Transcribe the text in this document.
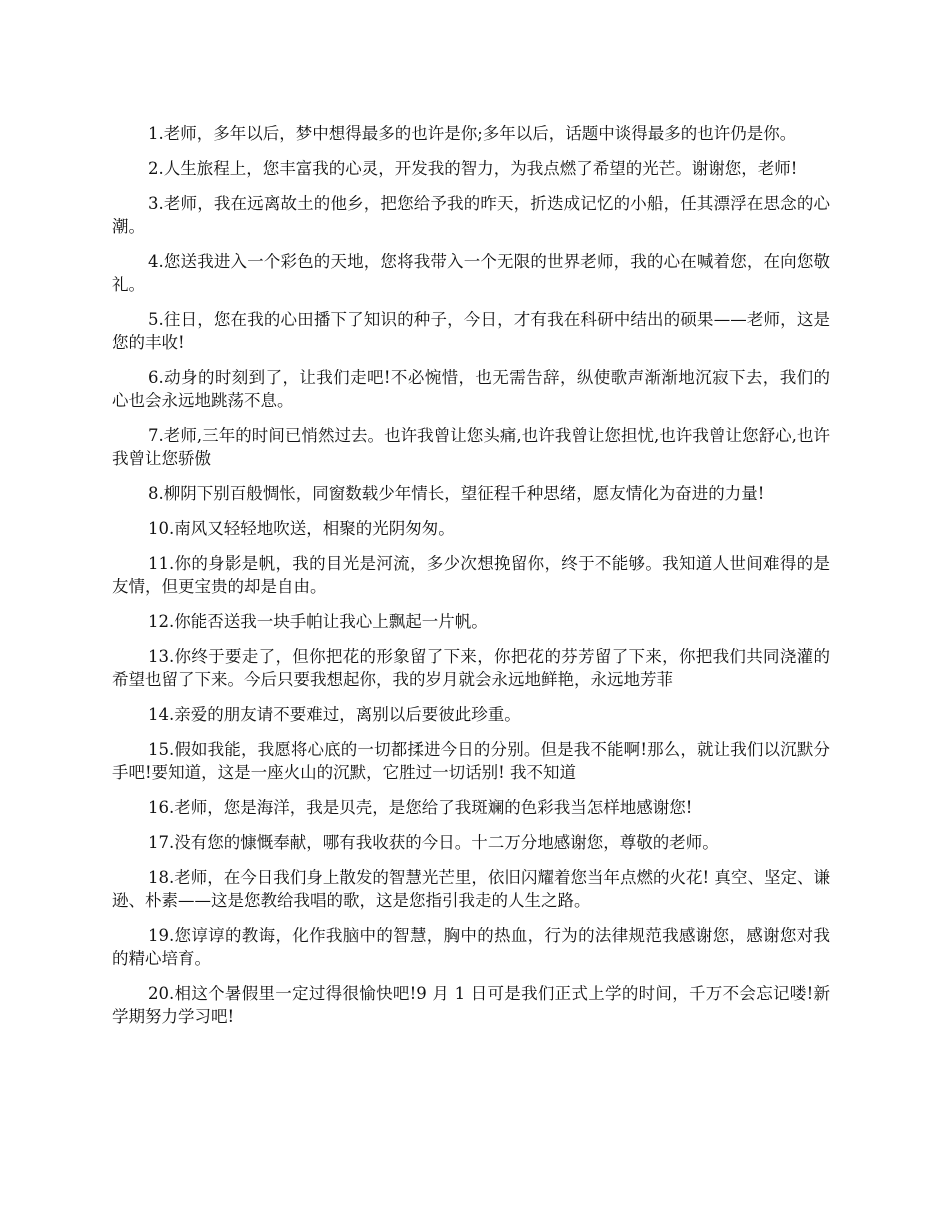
1.老师，多年以后，梦中想得最多的也许是你;多年以后，话题中谈得最多的也许仍是你。

2.人生旅程上，您丰富我的心灵，开发我的智力，为我点燃了希望的光芒。谢谢您，老师!

3.老师，我在远离故土的他乡，把您给予我的昨天，折迭成记忆的小船，任其漂浮在思念的心潮。

4.您送我进入一个彩色的天地，您将我带入一个无限的世界老师，我的心在喊着您，在向您敬礼。

5.往日，您在我的心田播下了知识的种子，今日，才有我在科研中结出的硕果——老师，这是您的丰收!

6.动身的时刻到了，让我们走吧!不必惋惜，也无需告辞，纵使歌声渐渐地沉寂下去，我们的心也会永远地跳荡不息。

7.老师,三年的时间已悄然过去。也许我曾让您头痛,也许我曾让您担忧,也许我曾让您舒心,也许我曾让您骄傲

8.柳阴下别百般惆怅，同窗数载少年情长，望征程千种思绪，愿友情化为奋进的力量!

10.南风又轻轻地吹送，相聚的光阴匆匆。

11.你的身影是帆，我的目光是河流，多少次想挽留你，终于不能够。我知道人世间难得的是友情，但更宝贵的却是自由。

12.你能否送我一块手帕让我心上飘起一片帆。

13.你终于要走了，但你把花的形象留了下来，你把花的芬芳留了下来，你把我们共同浇灌的希望也留了下来。今后只要我想起你，我的岁月就会永远地鲜艳，永远地芳菲

14.亲爱的朋友请不要难过，离别以后要彼此珍重。

15.假如我能，我愿将心底的一切都揉进今日的分别。但是我不能啊!那么，就让我们以沉默分手吧!要知道，这是一座火山的沉默，它胜过一切话别! 我不知道

16.老师，您是海洋，我是贝壳，是您给了我斑斓的色彩我当怎样地感谢您!

17.没有您的慷慨奉献，哪有我收获的今日。十二万分地感谢您，尊敬的老师。

18.老师，在今日我们身上散发的智慧光芒里，依旧闪耀着您当年点燃的火花! 真空、坚定、谦逊、朴素——这是您教给我唱的歌，这是您指引我走的人生之路。

19.您谆谆的教诲，化作我脑中的智慧，胸中的热血，行为的法律规范我感谢您，感谢您对我的精心培育。

20.相这个暑假里一定过得很愉快吧!9 月 1 日可是我们正式上学的时间，千万不会忘记喽!新学期努力学习吧!
